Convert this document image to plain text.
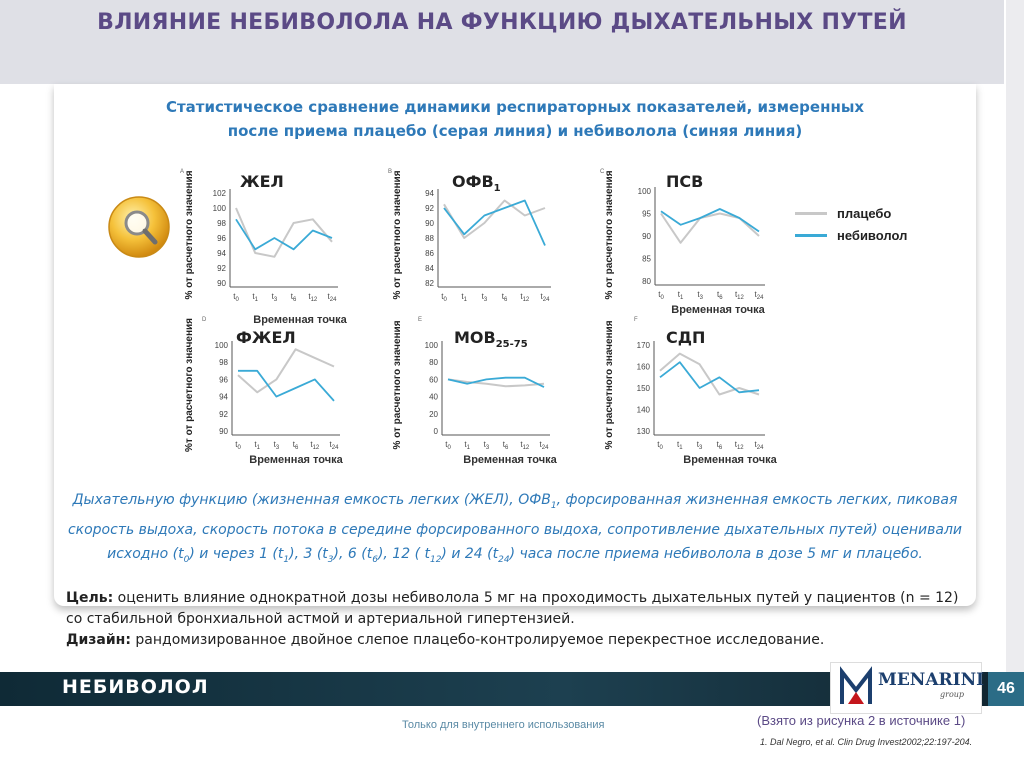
ВЛИЯНИЕ НЕБИВОЛОЛА НА ФУНКЦИЮ ДЫХАТЕЛЬНЫХ ПУТЕЙ
Статистическое сравнение динамики респираторных показателей, измеренных
после приема плацебо (серая линия) и небиволола (синяя линия)
A % от расчетного значения	ЖЕЛ
Временная точка
90
92
94
96
98
100
102
$t_0$ $t_1$ $t_3$ $t_6$ $t_{12}$ $t_{24}$
B % от расчетного значения	$ОФВ_1$
82
84
86
88
90
92
94
$t_0$ $t_1$ $t_3$ $t_6$ $t_{12}$ $t_{24}$
C % от расчетного значения	ПСВ
Временная точка
80
85
90
95
100
$t_0$ $t_1$ $t_3$ $t_6$ $t_{12}$ $t_{24}$
D
%т от расчетного значения	ФЖЕЛ
Временная точка
90
92
94
96
98
100
$t_0$ $t_1$ $t_3$ $t_6$ $t_{12}$ $t_{24}$
E
% от расчетного значения	$МОВ_{25-75}$
Временная точка
0
20
40
60
80
100
$t_0$ $t_1$ $t_3$ $t_6$ $t_{12}$ $t_{24}$
F
% от расчетного значения	СДП
Временная точка
130
140
150
160
170
$t_0$ $t_1$ $t_3$ $t_6$ $t_{12}$ $t_{24}$
плацебо
небиволол
Дыхательную функцию (жизненная емкость легких (ЖЕЛ), $ОФВ_1$, форсированная жизненная емкость легких, пиковая скорость выдоха, скорость потока в середине форсированного выдоха, сопротивление дыхательных путей) оценивали исходно $(t_0)$ и через 1 $(t_1)$, 3 $(t_3)$, 6 $(t_6)$, 12 ( $t_{12}$) и 24 $(t_{24})$ часа после приема небиволола в дозе 5 мг и плацебо.
Цель: оценить влияние однократной дозы небиволола 5 мг на проходимость дыхательных путей у пациентов (n = 12) со стабильной бронхиальной астмой и артериальной гипертензией.
Дизайн: рандомизированное двойное слепое плацебо-контролируемое перекрестное исследование.
НЕБИВОЛОЛ	MENARINI
group	46
Только для внутреннего использования	(Взято из рисунка 2 в источнике 1)
1. Dal Negro, et al. Clin Drug Invest2002;22:197-204.
